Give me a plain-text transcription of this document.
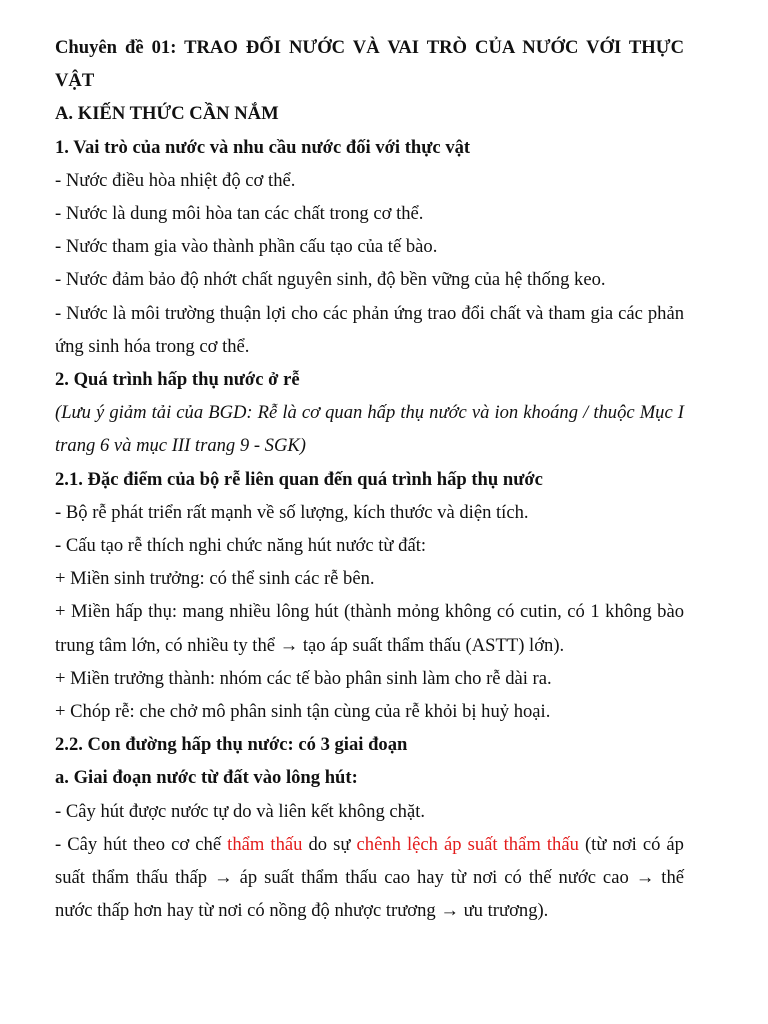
Chuyên đề 01: TRAO ĐỔI NƯỚC VÀ VAI TRÒ CỦA NƯỚC VỚI THỰC VẬT

A. KIẾN THỨC CẦN NẮM

1. Vai trò của nước và nhu cầu nước đối với thực vật

- Nước điều hòa nhiệt độ cơ thể.

- Nước là dung môi hòa tan các chất trong cơ thể.

- Nước tham gia vào thành phần cấu tạo của tế bào.

- Nước đảm bảo độ nhớt chất nguyên sinh, độ bền vững của hệ thống keo.

- Nước là môi trường thuận lợi cho các phản ứng trao đổi chất và tham gia các phản ứng sinh hóa trong cơ thể.

2. Quá trình hấp thụ nước ở rễ

(Lưu ý giảm tải của BGD: Rễ là cơ quan hấp thụ nước và ion khoáng / thuộc Mục I trang 6 và mục III trang 9 - SGK)

2.1. Đặc điểm của bộ rễ liên quan đến quá trình hấp thụ nước

- Bộ rễ phát triển rất mạnh về số lượng, kích thước và diện tích.

- Cấu tạo rễ thích nghi chức năng hút nước từ đất:

+ Miền sinh trưởng: có thể sinh các rễ bên.

+ Miền hấp thụ: mang nhiều lông hút (thành mỏng không có cutin, có 1 không bào trung tâm lớn, có nhiều ty thể → tạo áp suất thẩm thấu (ASTT) lớn).

+ Miền trưởng thành: nhóm các tế bào phân sinh làm cho rễ dài ra.

+ Chóp rễ: che chở mô phân sinh tận cùng của rễ khỏi bị huỷ hoại.

2.2. Con đường hấp thụ nước: có 3 giai đoạn

a. Giai đoạn nước từ đất vào lông hút:

- Cây hút được nước tự do và liên kết không chặt.

- Cây hút theo cơ chế thẩm thấu do sự chênh lệch áp suất thẩm thấu (từ nơi có áp suất thẩm thấu thấp → áp suất thẩm thấu cao hay từ nơi có thế nước cao → thế nước thấp hơn hay từ nơi có nồng độ nhược trương → ưu trương).
